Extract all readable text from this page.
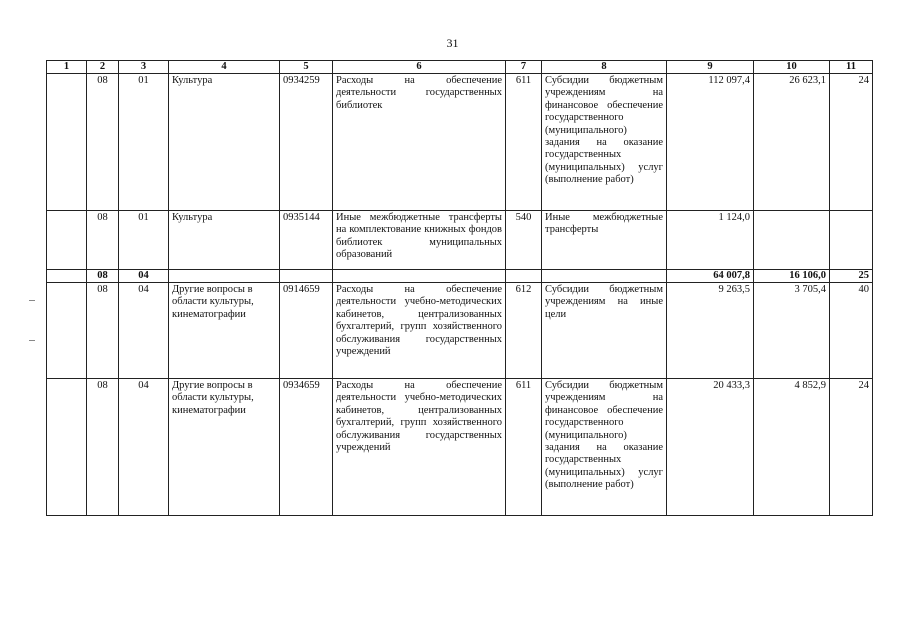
31
1	2	3	4	5	6	7	8	9	10	11
	08	01	Культура	0934259	Расходы на обеспечение деятельности государственных библиотек	611	Субсидии бюджетным учреждениям на финансовое обеспечение государственного (муниципального) задания на оказание государственных (муниципальных) услуг (выполнение работ)	112 097,4	26 623,1	24
	08	01	Культура	0935144	Иные межбюджетные трансферты на комплектование книжных фондов библиотек муниципальных образований	540	Иные межбюджетные трансферты	1 124,0		
	08	04						64 007,8	16 106,0	25
	08	04	Другие вопросы в области культуры, кинематографии	0914659	Расходы на обеспечение деятельности учебно-методических кабинетов, централизованных бухгалтерий, групп хозяйственного обслуживания государственных учреждений	612	Субсидии бюджетным учреждениям на иные цели	9 263,5	3 705,4	40
	08	04	Другие вопросы в области культуры, кинематографии	0934659	Расходы на обеспечение деятельности учебно-методических кабинетов, централизованных бухгалтерий, групп хозяйственного обслуживания государственных учреждений	611	Субсидии бюджетным учреждениям на финансовое обеспечение государственного (муниципального) задания на оказание государственных (муниципальных) услуг (выполнение работ)	20 433,3	4 852,9	24
